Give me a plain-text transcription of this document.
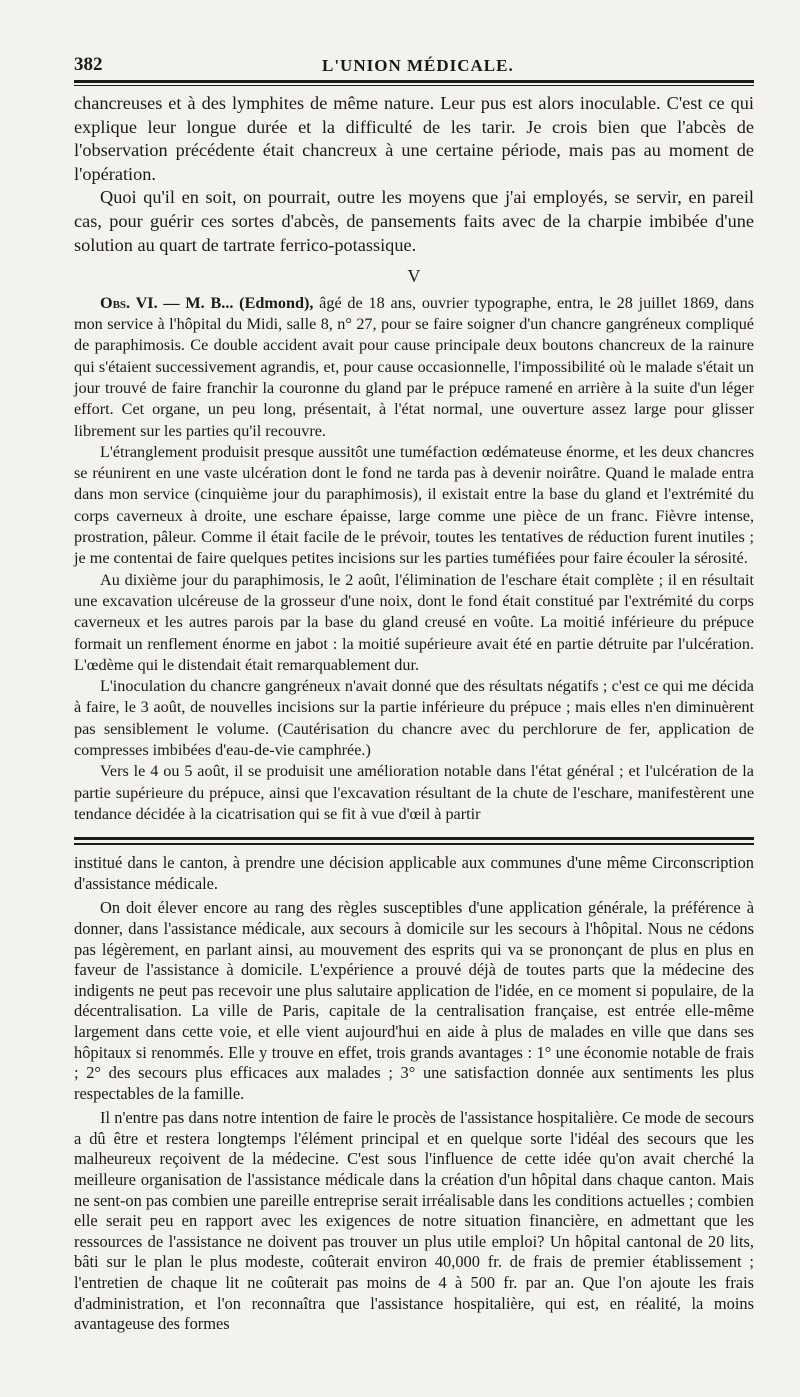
382	L'UNION MÉDICALE.

chancreuses et à des lymphites de même nature. Leur pus est alors inoculable. C'est ce qui explique leur longue durée et la difficulté de les tarir. Je crois bien que l'abcès de l'observation précédente était chancreux à une certaine période, mais pas au moment de l'opération.

Quoi qu'il en soit, on pourrait, outre les moyens que j'ai employés, se servir, en pareil cas, pour guérir ces sortes d'abcès, de pansements faits avec de la charpie imbibée d'une solution au quart de tartrate ferrico-potassique.

V

Obs. VI. — M. B... (Edmond), âgé de 18 ans, ouvrier typographe, entra, le 28 juillet 1869, dans mon service à l'hôpital du Midi, salle 8, n° 27, pour se faire soigner d'un chancre gangréneux compliqué de paraphimosis. Ce double accident avait pour cause principale deux boutons chancreux de la rainure qui s'étaient successivement agrandis, et, pour cause occasionnelle, l'impossibilité où le malade s'était un jour trouvé de faire franchir la couronne du gland par le prépuce ramené en arrière à la suite d'un léger effort. Cet organe, un peu long, présentait, à l'état normal, une ouverture assez large pour glisser librement sur les parties qu'il recouvre.

L'étranglement produisit presque aussitôt une tuméfaction œdémateuse énorme, et les deux chancres se réunirent en une vaste ulcération dont le fond ne tarda pas à devenir noirâtre. Quand le malade entra dans mon service (cinquième jour du paraphimosis), il existait entre la base du gland et l'extrémité du corps caverneux à droite, une eschare épaisse, large comme une pièce de un franc. Fièvre intense, prostration, pâleur. Comme il était facile de le prévoir, toutes les tentatives de réduction furent inutiles ; je me contentai de faire quelques petites incisions sur les parties tuméfiées pour faire écouler la sérosité.

Au dixième jour du paraphimosis, le 2 août, l'élimination de l'eschare était complète ; il en résultait une excavation ulcéreuse de la grosseur d'une noix, dont le fond était constitué par l'extrémité du corps caverneux et les autres parois par la base du gland creusé en voûte. La moitié inférieure du prépuce formait un renflement énorme en jabot : la moitié supérieure avait été en partie détruite par l'ulcération. L'œdème qui le distendait était remarquablement dur.

L'inoculation du chancre gangréneux n'avait donné que des résultats négatifs ; c'est ce qui me décida à faire, le 3 août, de nouvelles incisions sur la partie inférieure du prépuce ; mais elles n'en diminuèrent pas sensiblement le volume. (Cautérisation du chancre avec du perchlorure de fer, application de compresses imbibées d'eau-de-vie camphrée.)

Vers le 4 ou 5 août, il se produisit une amélioration notable dans l'état général ; et l'ulcération de la partie supérieure du prépuce, ainsi que l'excavation résultant de la chute de l'eschare, manifestèrent une tendance décidée à la cicatrisation qui se fit à vue d'œil à partir

institué dans le canton, à prendre une décision applicable aux communes d'une même Circonscription d'assistance médicale.

On doit élever encore au rang des règles susceptibles d'une application générale, la préférence à donner, dans l'assistance médicale, aux secours à domicile sur les secours à l'hôpital. Nous ne cédons pas légèrement, en parlant ainsi, au mouvement des esprits qui va se prononçant de plus en plus en faveur de l'assistance à domicile. L'expérience a prouvé déjà de toutes parts que la médecine des indigents ne peut pas recevoir une plus salutaire application de l'idée, en ce moment si populaire, de la décentralisation. La ville de Paris, capitale de la centralisation française, est entrée elle-même largement dans cette voie, et elle vient aujourd'hui en aide à plus de malades en ville que dans ses hôpitaux si renommés. Elle y trouve en effet, trois grands avantages : 1° une économie notable de frais ; 2° des secours plus efficaces aux malades ; 3° une satisfaction donnée aux sentiments les plus respectables de la famille.

Il n'entre pas dans notre intention de faire le procès de l'assistance hospitalière. Ce mode de secours a dû être et restera longtemps l'élément principal et en quelque sorte l'idéal des secours que les malheureux reçoivent de la médecine. C'est sous l'influence de cette idée qu'on avait cherché la meilleure organisation de l'assistance médicale dans la création d'un hôpital dans chaque canton. Mais ne sent-on pas combien une pareille entreprise serait irréalisable dans les conditions actuelles ; combien elle serait peu en rapport avec les exigences de notre situation financière, en admettant que les ressources de l'assistance ne doivent pas trouver un plus utile emploi? Un hôpital cantonal de 20 lits, bâti sur le plan le plus modeste, coûterait environ 40,000 fr. de frais de premier établissement ; l'entretien de chaque lit ne coûterait pas moins de 4 à 500 fr. par an. Que l'on ajoute les frais d'administration, et l'on reconnaîtra que l'assistance hospitalière, qui est, en réalité, la moins avantageuse des formes
